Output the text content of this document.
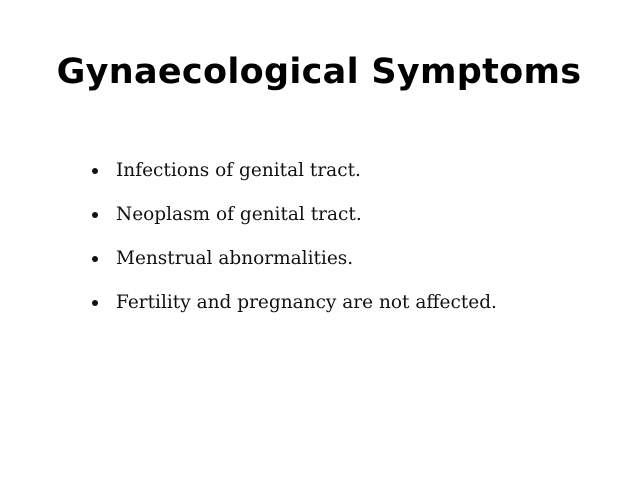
Gynaecological Symptoms
Infections of genital tract.
Neoplasm of genital tract.
Menstrual abnormalities.
Fertility and pregnancy are not affected.
